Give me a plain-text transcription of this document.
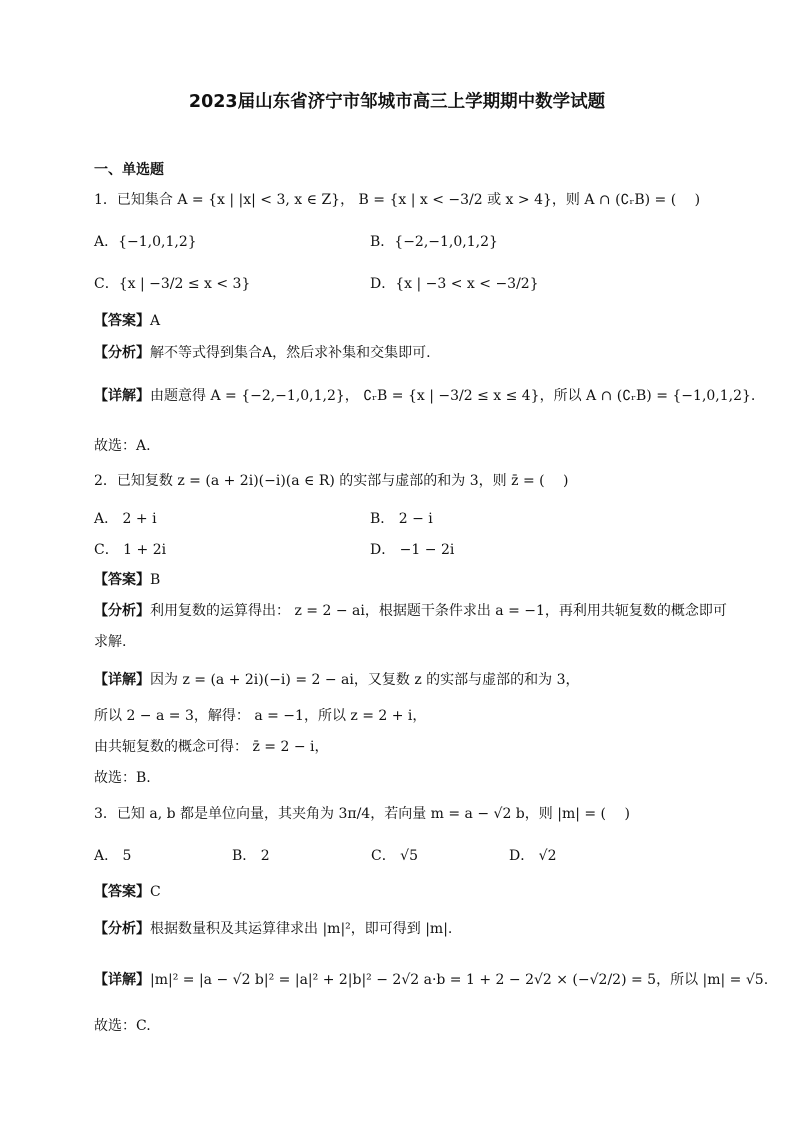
2023届山东省济宁市邹城市高三上学期期中数学试题
一、单选题
1．已知集合 A = {x | |x| < 3, x ∈ Z}， B = {x | x < −3/2 或 x > 4}，则 A ∩ (∁ᵣB) = (　 )
A．{−1,0,1,2}	B．{−2,−1,0,1,2}
C．{x | −3/2 ≤ x < 3}	D．{x | −3 < x < −3/2}
【答案】A
【分析】解不等式得到集合A，然后求补集和交集即可.
【详解】由题意得 A = {−2,−1,0,1,2}， ∁ᵣB = {x | −3/2 ≤ x ≤ 4}，所以 A ∩ (∁ᵣB) = {−1,0,1,2}.
故选：A.
2．已知复数 z = (a + 2i)(−i)(a ∈ R) 的实部与虚部的和为 3，则 z̄ = (　 )
A． 2 + i	B． 2 − i
C． 1 + 2i	D． −1 − 2i
【答案】B
【分析】利用复数的运算得出： z = 2 − ai，根据题干条件求出 a = −1，再利用共轭复数的概念即可
求解.
【详解】因为 z = (a + 2i)(−i) = 2 − ai，又复数 z 的实部与虚部的和为 3，
所以 2 − a = 3，解得： a = −1，所以 z = 2 + i，
由共轭复数的概念可得： z̄ = 2 − i，
故选：B.
3．已知 a, b 都是单位向量，其夹角为 3π/4，若向量 m = a − √2 b，则 |m| = (　 )
A． 5	B． 2	C． √5	D． √2
【答案】C
【分析】根据数量积及其运算律求出 |m|²，即可得到 |m|.
【详解】|m|² = |a − √2 b|² = |a|² + 2|b|² − 2√2 a·b = 1 + 2 − 2√2 × (−√2/2) = 5，所以 |m| = √5.
故选：C.
